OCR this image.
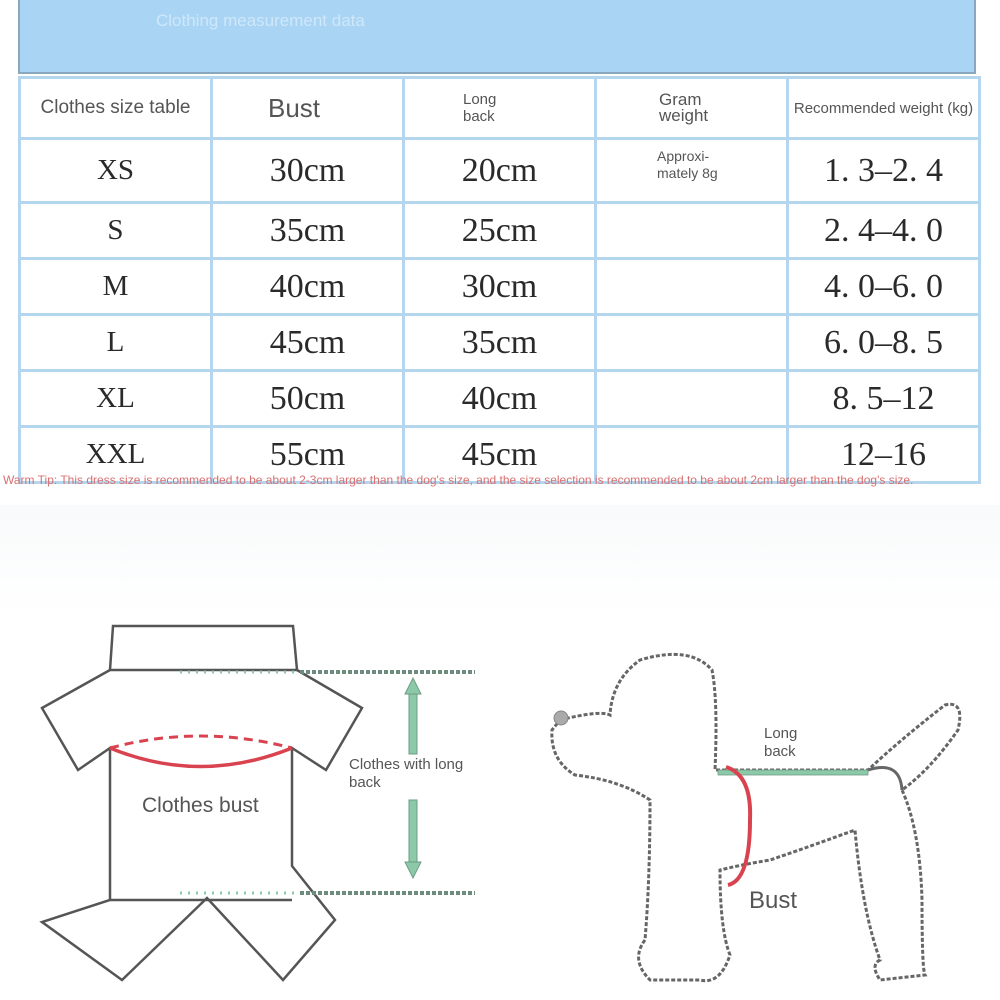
Clothing measurement data
Clothes size table	Bust	Long back	Gram weight	Recommended weight (kg)
XS	30cm	20cm	Approxi-mately 8g	1. 3–2. 4
S	35cm	25cm		2. 4–4. 0
M	40cm	30cm		4. 0–6. 0
L	45cm	35cm		6. 0–8. 5
XL	50cm	40cm		8. 5–12
XXL	55cm	45cm		12–16
Warm Tip: This dress size is recommended to be about 2-3cm larger than the dog's size, and the size selection is recommended to be about 2cm larger than the dog's size.
Clothes bust
Clothes with long
back
Long
back
Bust
